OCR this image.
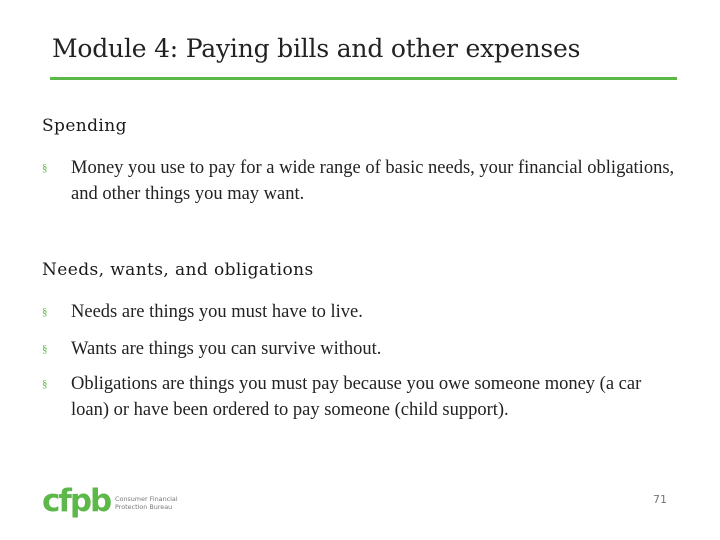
Module 4: Paying bills and other expenses
Spending
§ Money you use to pay for a wide range of basic needs, your financial obligations, and other things you may want.
Needs, wants, and obligations
§ Needs are things you must have to live.
§ Wants are things you can survive without.
§ Obligations are things you must pay because you owe someone money (a car loan) or have been ordered to pay someone (child support).
cfpb Consumer Financial
Protection Bureau
71
